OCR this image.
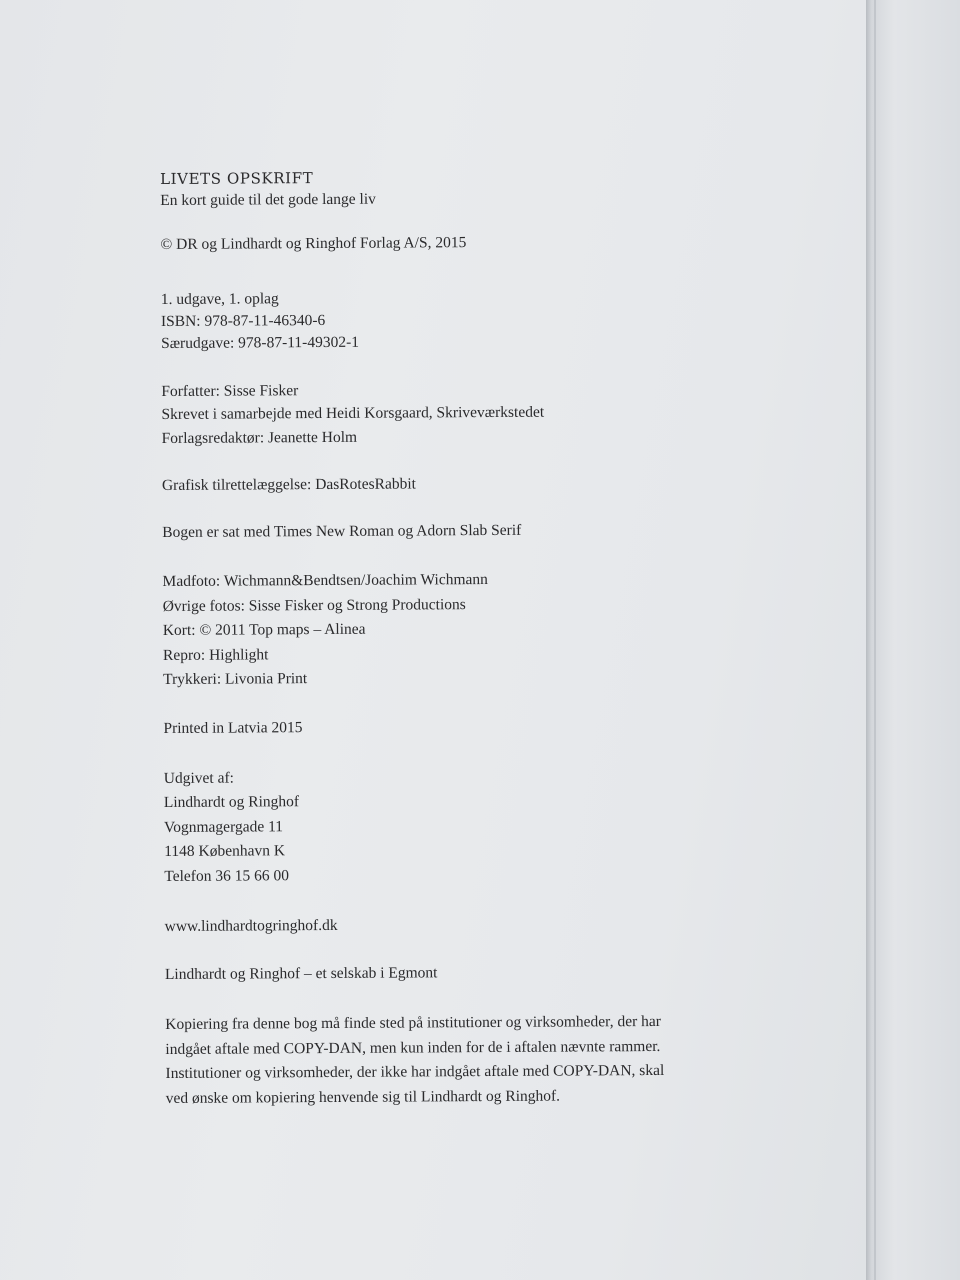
LIVETS OPSKRIFT

En kort guide til det gode lange liv

© DR og Lindhardt og Ringhof Forlag A/S, 2015

1. udgave, 1. oplag

ISBN: 978-87-11-46340-6

Særudgave: 978-87-11-49302-1

Forfatter: Sisse Fisker

Skrevet i samarbejde med Heidi Korsgaard, Skriveværkstedet

Forlagsredaktør: Jeanette Holm

Grafisk tilrettelæggelse: DasRotesRabbit

Bogen er sat med Times New Roman og Adorn Slab Serif

Madfoto: Wichmann&Bendtsen/Joachim Wichmann

Øvrige fotos: Sisse Fisker og Strong Productions

Kort: © 2011 Top maps – Alinea

Repro: Highlight

Trykkeri: Livonia Print

Printed in Latvia 2015

Udgivet af:

Lindhardt og Ringhof

Vognmagergade 11

1148 København K

Telefon 36 15 66 00

www.lindhardtogringhof.dk

Lindhardt og Ringhof – et selskab i Egmont

Kopiering fra denne bog må finde sted på institutioner og virksomheder, der har

indgået aftale med COPY-DAN, men kun inden for de i aftalen nævnte rammer.

Institutioner og virksomheder, der ikke har indgået aftale med COPY-DAN, skal

ved ønske om kopiering henvende sig til Lindhardt og Ringhof.
